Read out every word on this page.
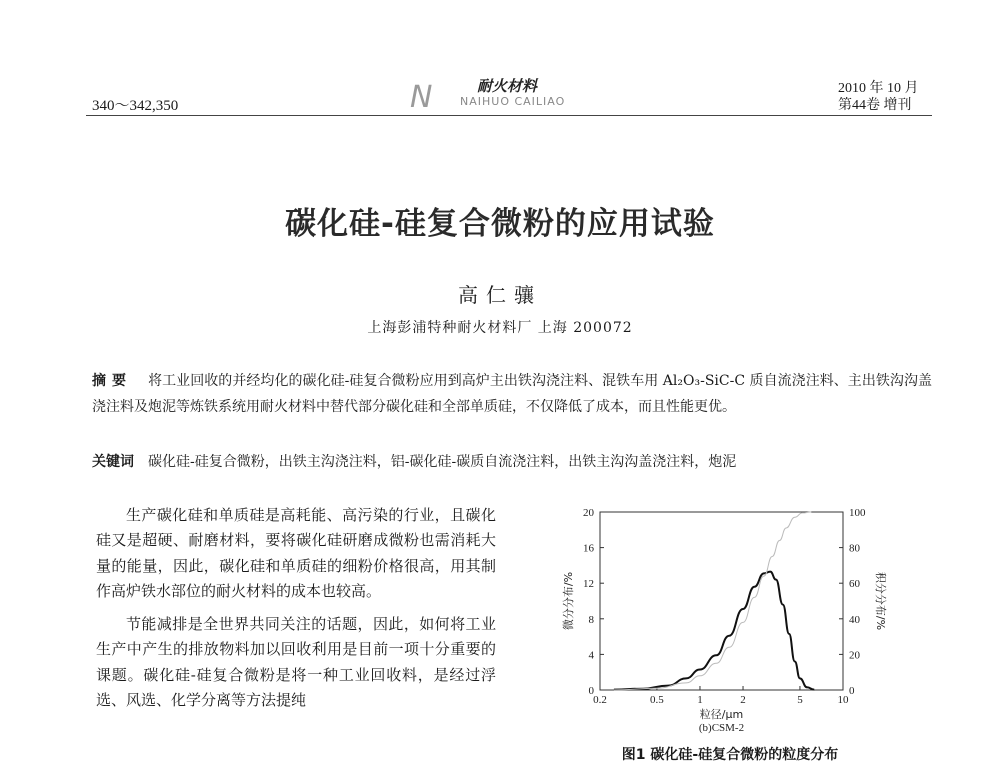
340～342,350	N	耐火材料
NAIHUO CAILIAO
2010 年 10 月
第44卷 增刊
碳化硅-硅复合微粉的应用试验
高仁骧
上海彭浦特种耐火材料厂 上海 200072
摘要 将工业回收的并经均化的碳化硅-硅复合微粉应用到高炉主出铁沟浇注料、混铁车用 Al₂O₃-SiC-C 质自流浇注料、主出铁沟沟盖浇注料及炮泥等炼铁系统用耐火材料中替代部分碳化硅和全部单质硅，不仅降低了成本，而且性能更优。
关键词 碳化硅-硅复合微粉，出铁主沟浇注料，铝-碳化硅-碳质自流浇注料，出铁主沟沟盖浇注料，炮泥

生产碳化硅和单质硅是高耗能、高污染的行业，且碳化硅又是超硬、耐磨材料，要将碳化硅研磨成微粉也需消耗大量的能量，因此，碳化硅和单质硅的细粉价格很高，用其制作高炉铁水部位的耐火材料的成本也较高。

节能减排是全世界共同关注的话题，因此，如何将工业生产中产生的排放物料加以回收利用是目前一项十分重要的课题。碳化硅-硅复合微粉是将一种工业回收料，是经过浮选、风选、化学分离等方法提纯	0.2	0.5	1	2	5	10
0
4
8
12
16
20
0
20
40
60
80
100
粒径/μm
(b)CSM-2
微分分布/%	积分分布/%
图1 碳化硅-硅复合微粉的粒度分布
